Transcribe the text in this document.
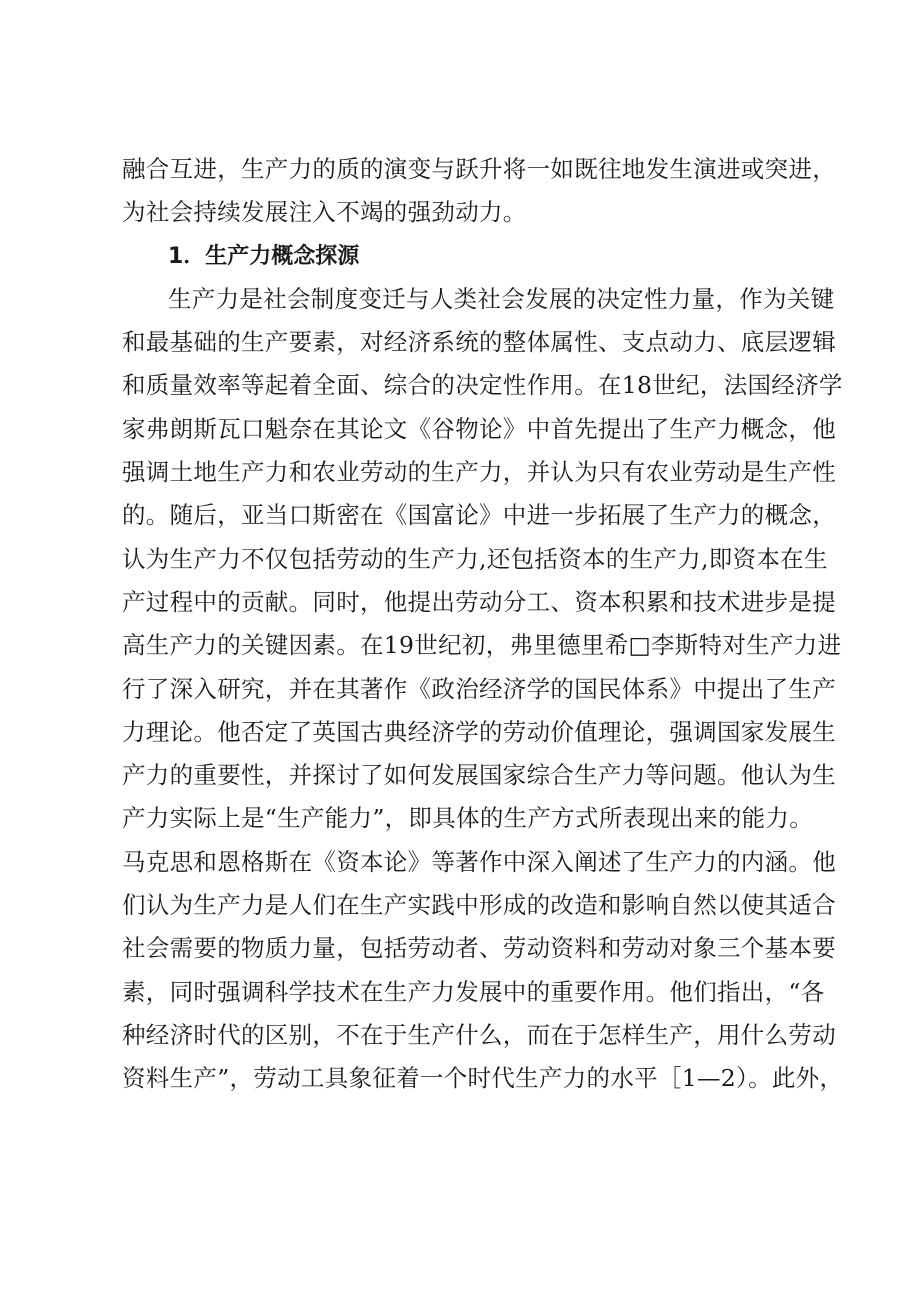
融合互进，生产力的质的演变与跃升将一如既往地发生演进或突进，
为社会持续发展注入不竭的强劲动力。
1．生产力概念探源
生产力是社会制度变迁与人类社会发展的决定性力量，作为关键
和最基础的生产要素，对经济系统的整体属性、支点动力、底层逻辑
和质量效率等起着全面、综合的决定性作用。在18世纪，法国经济学
家弗朗斯瓦口魁奈在其论文《谷物论》中首先提出了生产力概念，他
强调土地生产力和农业劳动的生产力，并认为只有农业劳动是生产性
的。随后，亚当口斯密在《国富论》中进一步拓展了生产力的概念，
认为生产力不仅包括劳动的生产力,还包括资本的生产力,即资本在生
产过程中的贡献。同时，他提出劳动分工、资本积累和技术进步是提
高生产力的关键因素。在19世纪初，弗里德里希□李斯特对生产力进
行了深入研究，并在其著作《政治经济学的国民体系》中提出了生产
力理论。他否定了英国古典经济学的劳动价值理论，强调国家发展生
产力的重要性，并探讨了如何发展国家综合生产力等问题。他认为生
产力实际上是“生产能力”，即具体的生产方式所表现出来的能力。
马克思和恩格斯在《资本论》等著作中深入阐述了生产力的内涵。他
们认为生产力是人们在生产实践中形成的改造和影响自然以使其适合
社会需要的物质力量，包括劳动者、劳动资料和劳动对象三个基本要
素，同时强调科学技术在生产力发展中的重要作用。他们指出，“各
种经济时代的区别，不在于生产什么，而在于怎样生产，用什么劳动
资料生产”，劳动工具象征着一个时代生产力的水平［1—2）。此外，
